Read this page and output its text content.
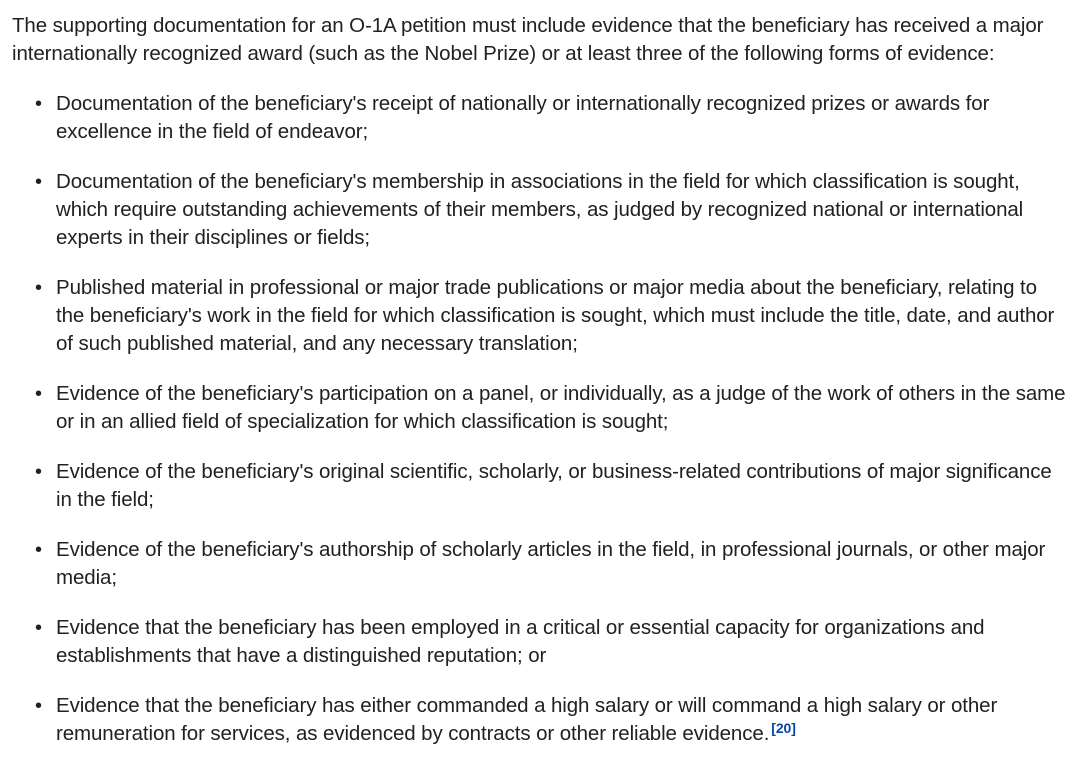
The supporting documentation for an O-1A petition must include evidence that the beneficiary has received a major internationally recognized award (such as the Nobel Prize) or at least three of the following forms of evidence:

• Documentation of the beneficiary's receipt of nationally or internationally recognized prizes or awards for excellence in the field of endeavor;
• Documentation of the beneficiary's membership in associations in the field for which classification is sought, which require outstanding achievements of their members, as judged by recognized national or international experts in their disciplines or fields;
• Published material in professional or major trade publications or major media about the beneficiary, relating to the beneficiary's work in the field for which classification is sought, which must include the title, date, and author of such published material, and any necessary translation;
• Evidence of the beneficiary's participation on a panel, or individually, as a judge of the work of others in the same or in an allied field of specialization for which classification is sought;
• Evidence of the beneficiary's original scientific, scholarly, or business-related contributions of major significance in the field;
• Evidence of the beneficiary's authorship of scholarly articles in the field, in professional journals, or other major media;
• Evidence that the beneficiary has been employed in a critical or essential capacity for organizations and establishments that have a distinguished reputation; or
• Evidence that the beneficiary has either commanded a high salary or will command a high salary or other remuneration for services, as evidenced by contracts or other reliable evidence. [20]
